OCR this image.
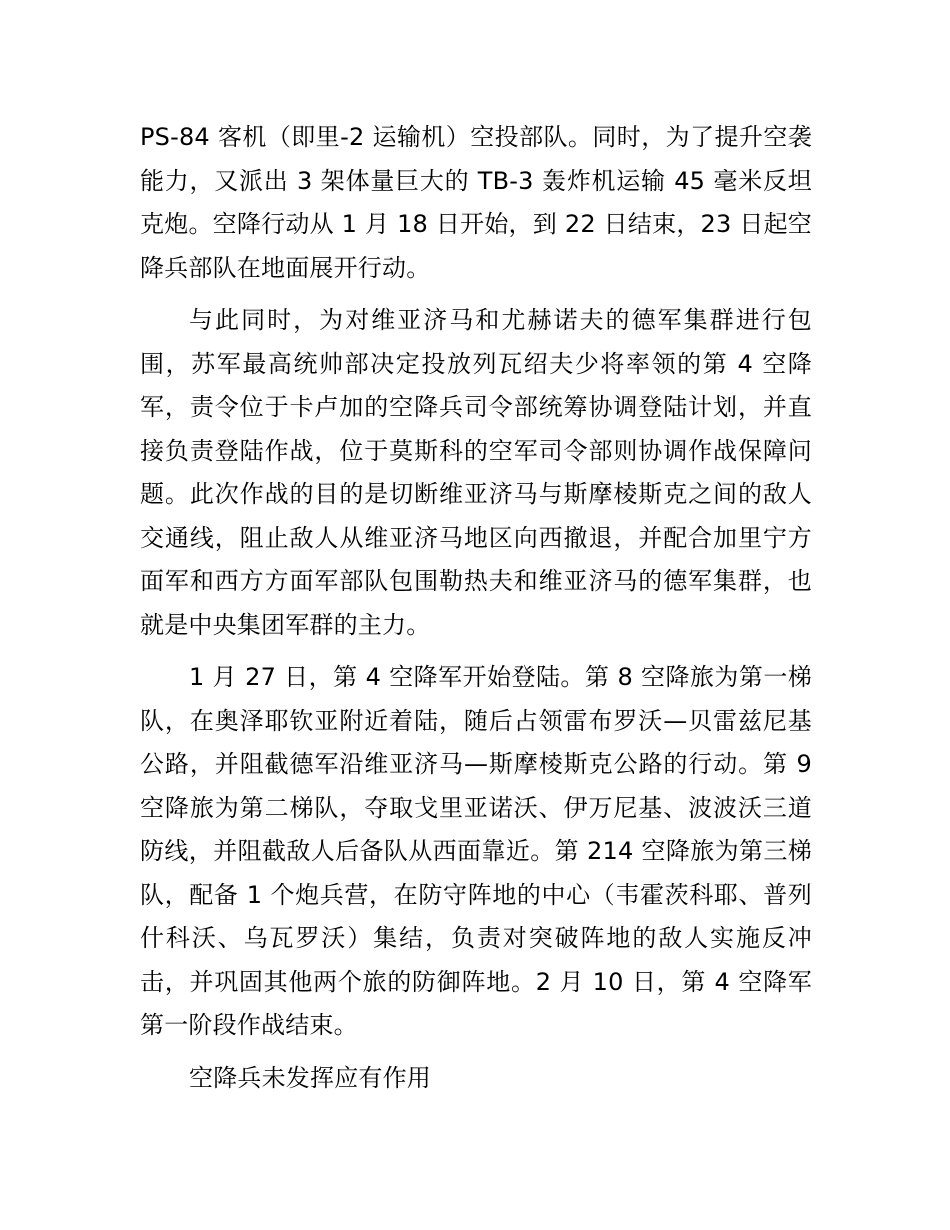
PS-84 客机（即里-2 运输机）空投部队。同时，为了提升空袭能力，又派出 3 架体量巨大的 TB-3 轰炸机运输 45 毫米反坦克炮。空降行动从 1 月 18 日开始，到 22 日结束，23 日起空降兵部队在地面展开行动。

与此同时，为对维亚济马和尤赫诺夫的德军集群进行包围，苏军最高统帅部决定投放列瓦绍夫少将率领的第 4 空降军，责令位于卡卢加的空降兵司令部统筹协调登陆计划，并直接负责登陆作战，位于莫斯科的空军司令部则协调作战保障问题。此次作战的目的是切断维亚济马与斯摩棱斯克之间的敌人交通线，阻止敌人从维亚济马地区向西撤退，并配合加里宁方面军和西方方面军部队包围勒热夫和维亚济马的德军集群，也就是中央集团军群的主力。

1 月 27 日，第 4 空降军开始登陆。第 8 空降旅为第一梯队，在奥泽耶钦亚附近着陆，随后占领雷布罗沃—贝雷兹尼基公路，并阻截德军沿维亚济马—斯摩棱斯克公路的行动。第 9 空降旅为第二梯队，夺取戈里亚诺沃、伊万尼基、波波沃三道防线，并阻截敌人后备队从西面靠近。第 214 空降旅为第三梯队，配备 1 个炮兵营，在防守阵地的中心（韦霍茨科耶、普列什科沃、乌瓦罗沃）集结，负责对突破阵地的敌人实施反冲击，并巩固其他两个旅的防御阵地。2 月 10 日，第 4 空降军第一阶段作战结束。

空降兵未发挥应有作用
